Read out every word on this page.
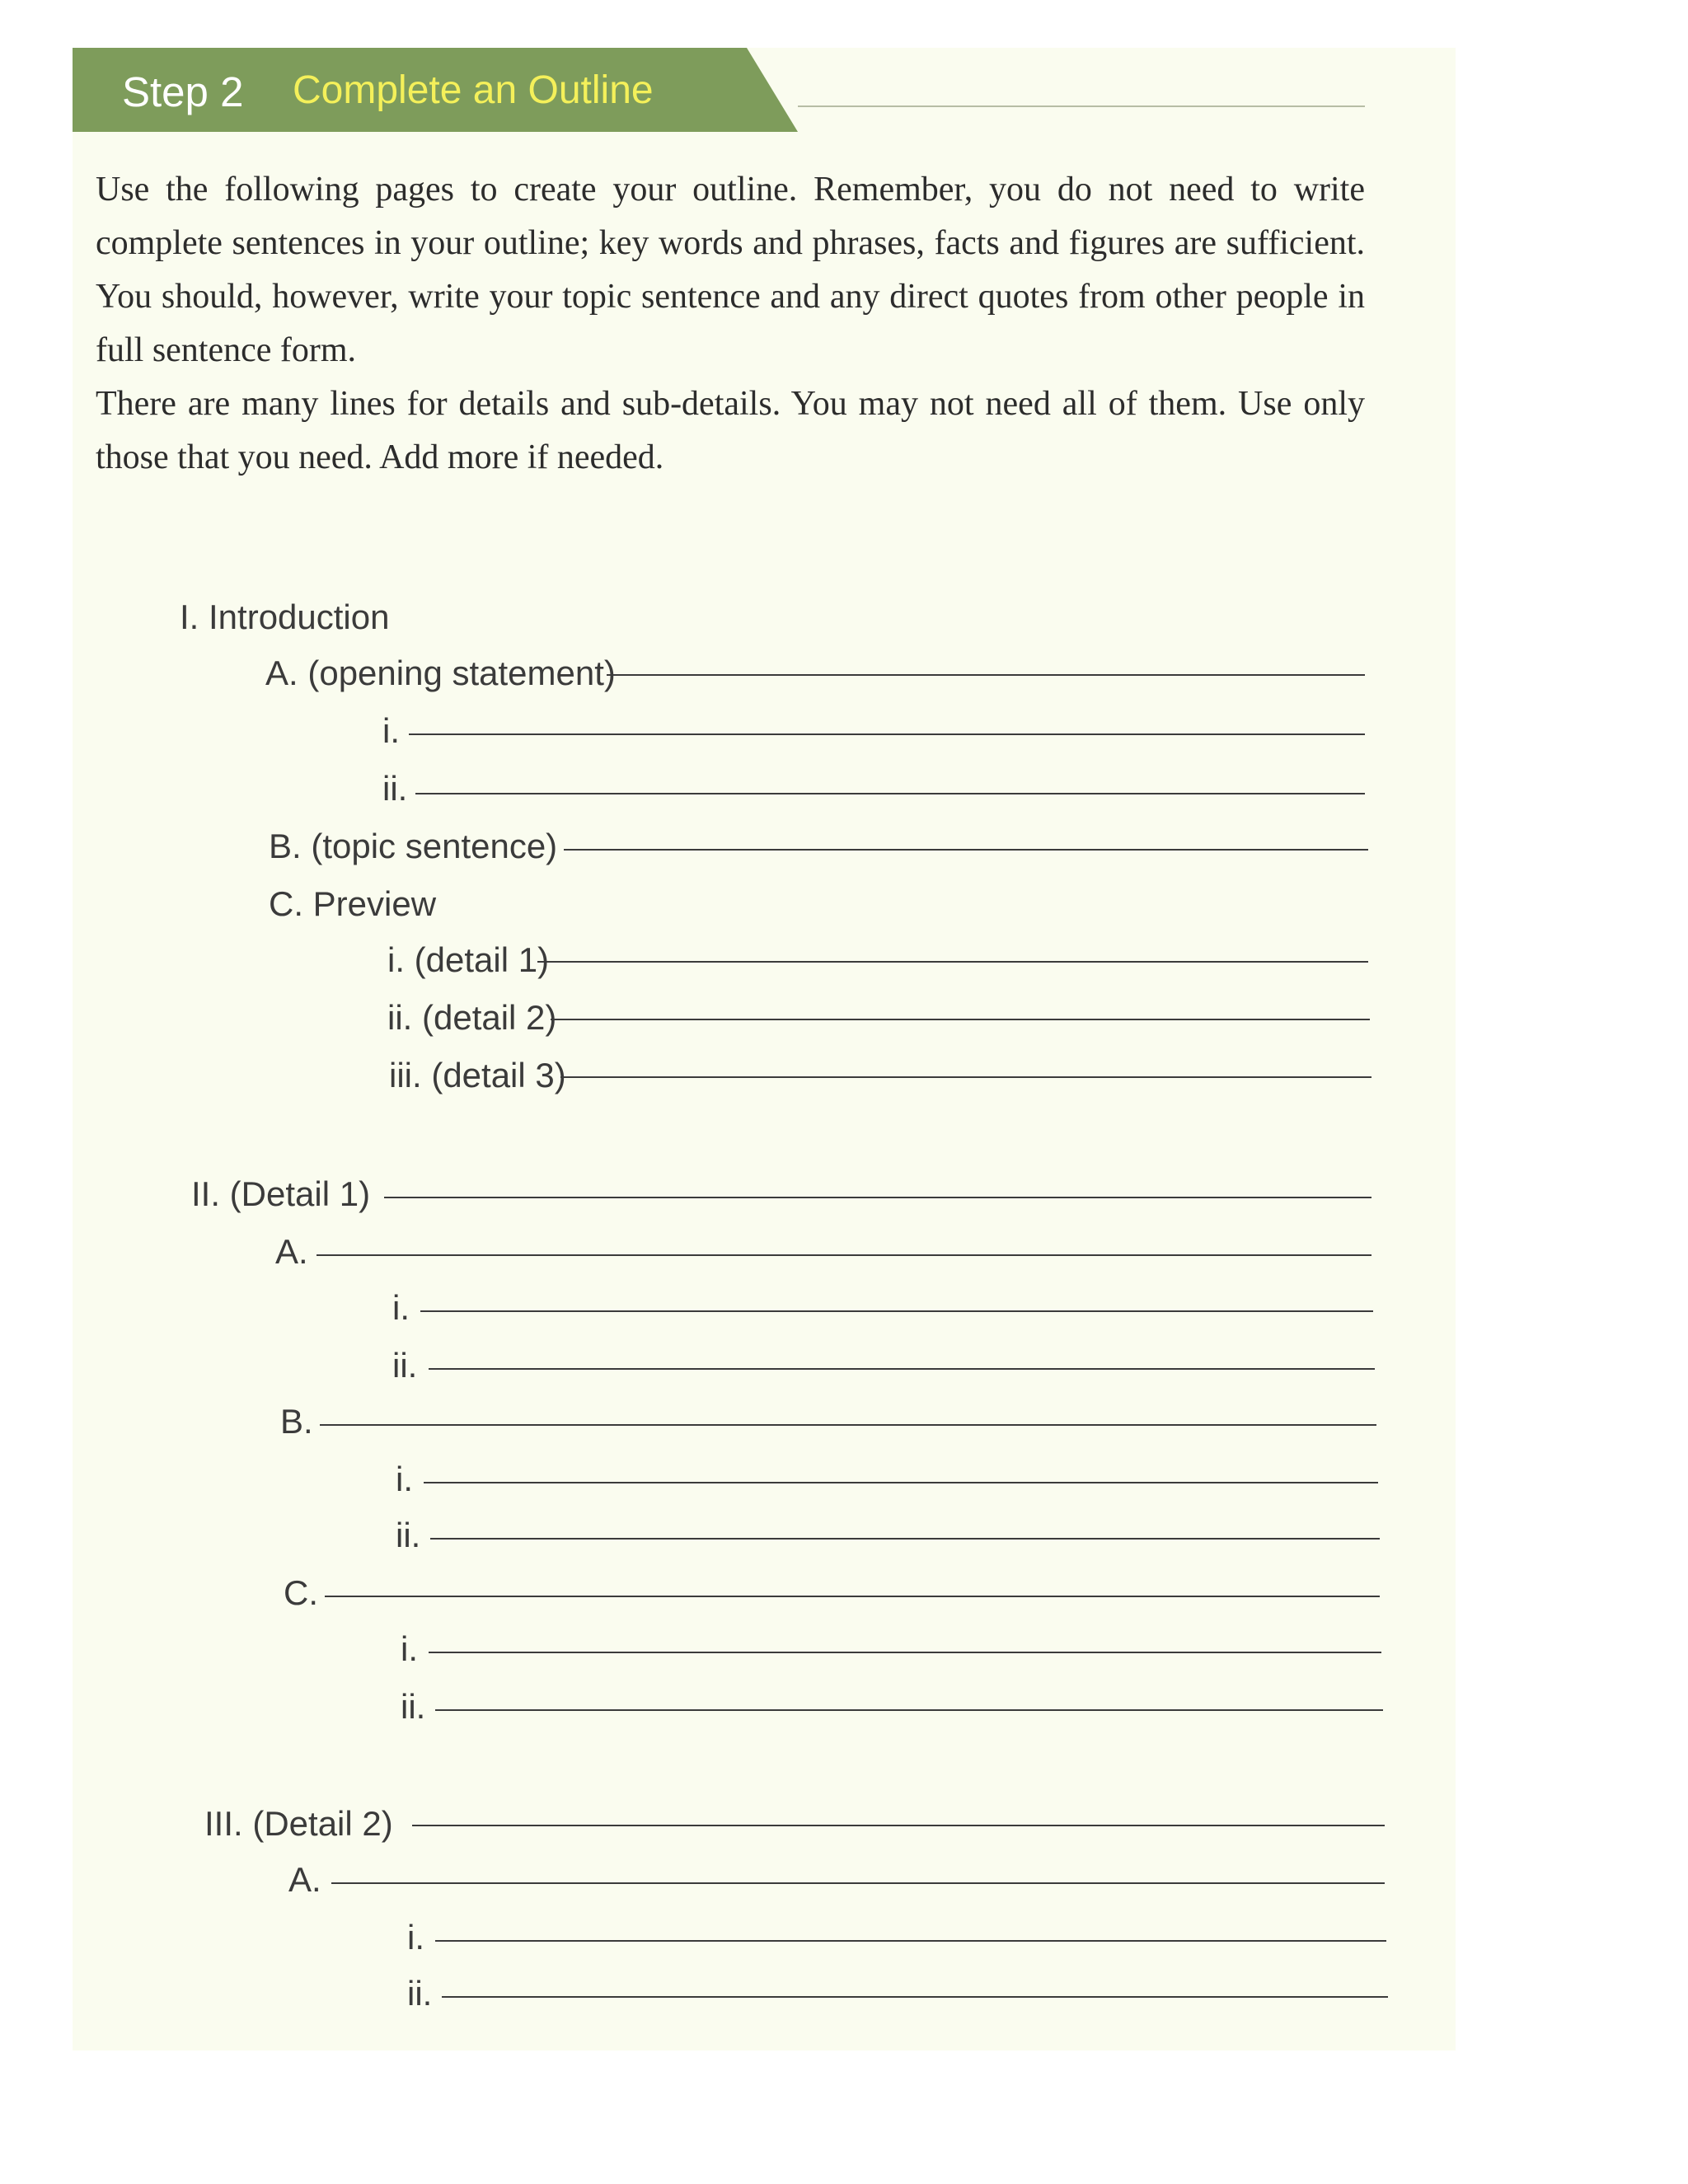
Step 2 Complete an Outline

Use the following pages to create your outline. Remember, you do not need to write complete sentences in your outline; key words and phrases, facts and figures are sufficient. You should, however, write your topic sentence and any direct quotes from other people in full sentence form.

There are many lines for details and sub-details. You may not need all of them. Use only those that you need. Add more if needed.

I. Introduction
A. (opening statement)
i.
ii.
B. (topic sentence)
C. Preview
i. (detail 1)
ii. (detail 2)
iii. (detail 3)
II. (Detail 1)
A.
i.
ii.
B.
i.
ii.
C.
i.
ii.
III. (Detail 2)
A.
i.
ii.
